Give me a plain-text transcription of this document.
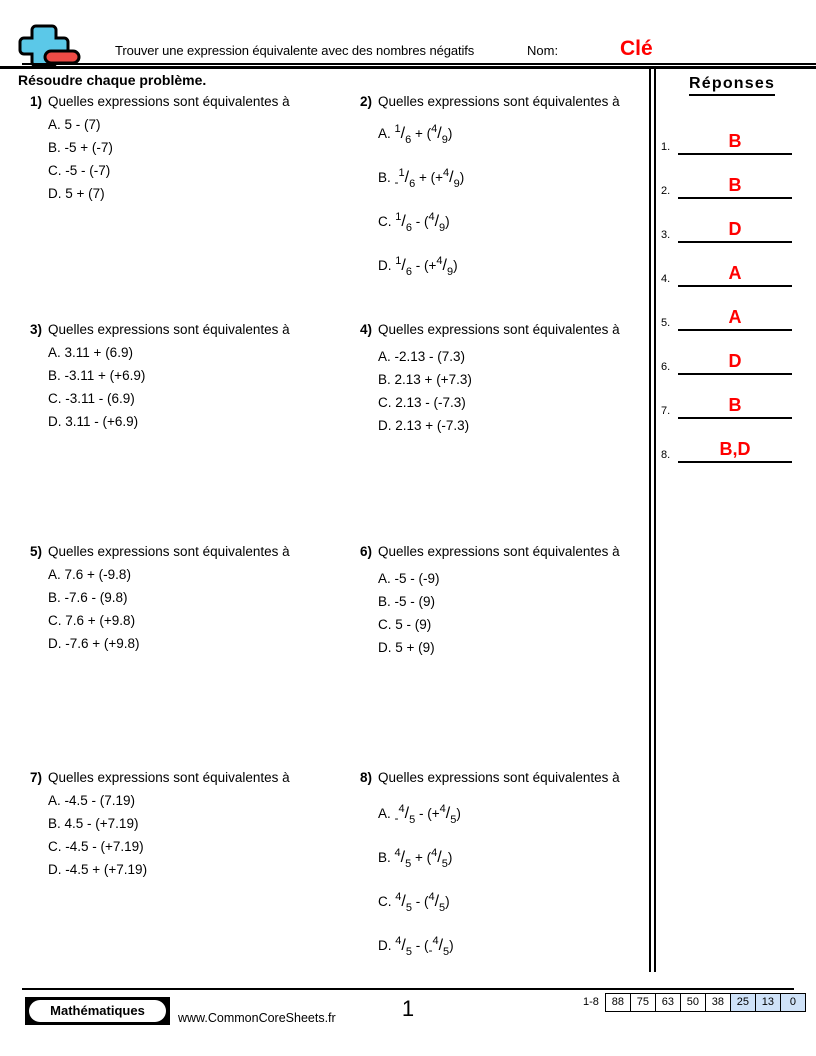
Trouver une expression équivalente avec des nombres négatifs	Nom:	Clé
Résoudre chaque problème.
1) Quelles expressions sont équivalentes à
A. 5 - (7)
B. -5 + (-7)
C. -5 - (-7)
D. 5 + (7)
2) Quelles expressions sont équivalentes à
A. $^1/_6 + (^4/_9)$
B. $-^1/_6 + (+^4/_9)$
C. $^1/_6 - (^4/_9)$
D. $^1/_6 - (+^4/_9)$
3) Quelles expressions sont équivalentes à
A. 3.11 + (6.9)
B. -3.11 + (+6.9)
C. -3.11 - (6.9)
D. 3.11 - (+6.9)
4) Quelles expressions sont équivalentes à
A. -2.13 - (7.3)
B. 2.13 + (+7.3)
C. 2.13 - (-7.3)
D. 2.13 + (-7.3)
5) Quelles expressions sont équivalentes à
A. 7.6 + (-9.8)
B. -7.6 - (9.8)
C. 7.6 + (+9.8)
D. -7.6 + (+9.8)
6) Quelles expressions sont équivalentes à
A. -5 - (-9)
B. -5 - (9)
C. 5 - (9)
D. 5 + (9)
7) Quelles expressions sont équivalentes à
A. -4.5 - (7.19)
B. 4.5 - (+7.19)
C. -4.5 - (+7.19)
D. -4.5 + (+7.19)
8) Quelles expressions sont équivalentes à
A. $-^4/_5 - (+^4/_5)$
B. $^4/_5 + (^4/_5)$
C. $^4/_5 - (^4/_5)$
D. $^4/_5 - (-^4/_5)$
Réponses
1.	B
2.	B
3.	D
4.	A
5.	A
6.	D
7.	B
8.	B,D
Mathématiques	www.CommonCoreSheets.fr	1	1-8	88	75	63	50	38	25	13	0
